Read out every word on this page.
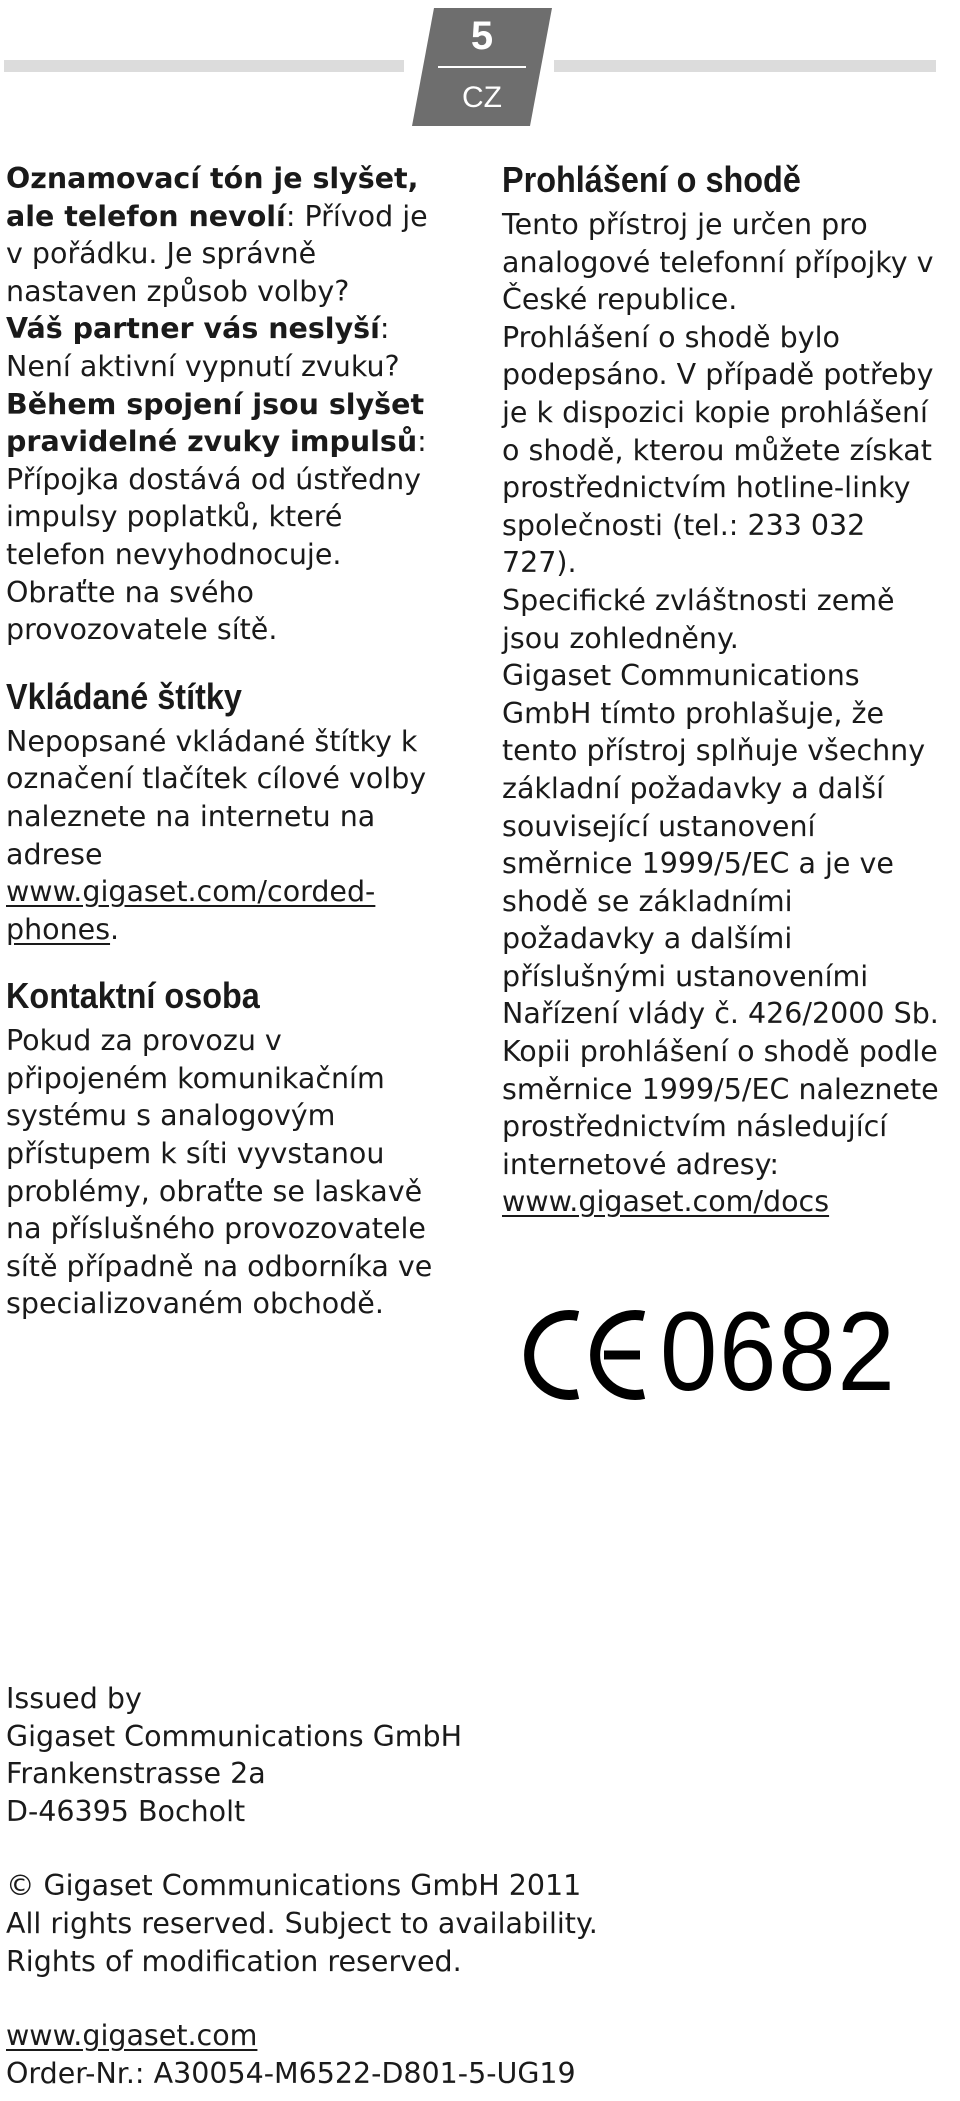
5
CZ

Oznamovací tón je slyšet, ale telefon nevolí: Přívod je v pořádku. Je správně nastaven způsob volby?

Váš partner vás neslyší: Není aktivní vypnutí zvuku?

Během spojení jsou slyšet pravidelné zvuky impulsů: Přípojka dostává od ústředny impulsy poplatků, které telefon nevyhodnocuje. Obraťte na svého provozovatele sítě.

Vkládané štítky

Nepopsané vkládané štítky k označení tlačítek cílové volby naleznete na internetu na adrese www.gigaset.com/corded-phones.

Kontaktní osoba

Pokud za provozu v připojeném komunikačním systému s analogovým přístupem k síti vyvstanou problémy, obraťte se laskavě na příslušného provozovatele sítě případně na odborníka ve specializovaném obchodě.

Prohlášení o shodě

Tento přístroj je určen pro analogové telefonní přípojky v České republice.

Prohlášení o shodě bylo podepsáno. V případě potřeby je k dispozici kopie prohlášení o shodě, kterou můžete získat prostřednictvím hotline-linky společnosti (tel.: 233 032 727).

Specifické zvláštnosti země jsou zohledněny.

Gigaset Communications GmbH tímto prohlašuje, že tento přístroj splňuje všechny základní požadavky a další související ustanovení směrnice 1999/5/EC a je ve shodě se základními požadavky a dalšími příslušnými ustanoveními Nařízení vlády č. 426/2000 Sb.

Kopii prohlášení o shodě podle směrnice 1999/5/EC naleznete prostřednictvím následující internetové adresy:

www.gigaset.com/docs

0682

Issued by

Gigaset Communications GmbH

Frankenstrasse 2a

D-46395 Bocholt

© Gigaset Communications GmbH 2011

All rights reserved. Subject to availability.

Rights of modification reserved.

www.gigaset.com

Order-Nr.: A30054-M6522-D801-5-UG19
